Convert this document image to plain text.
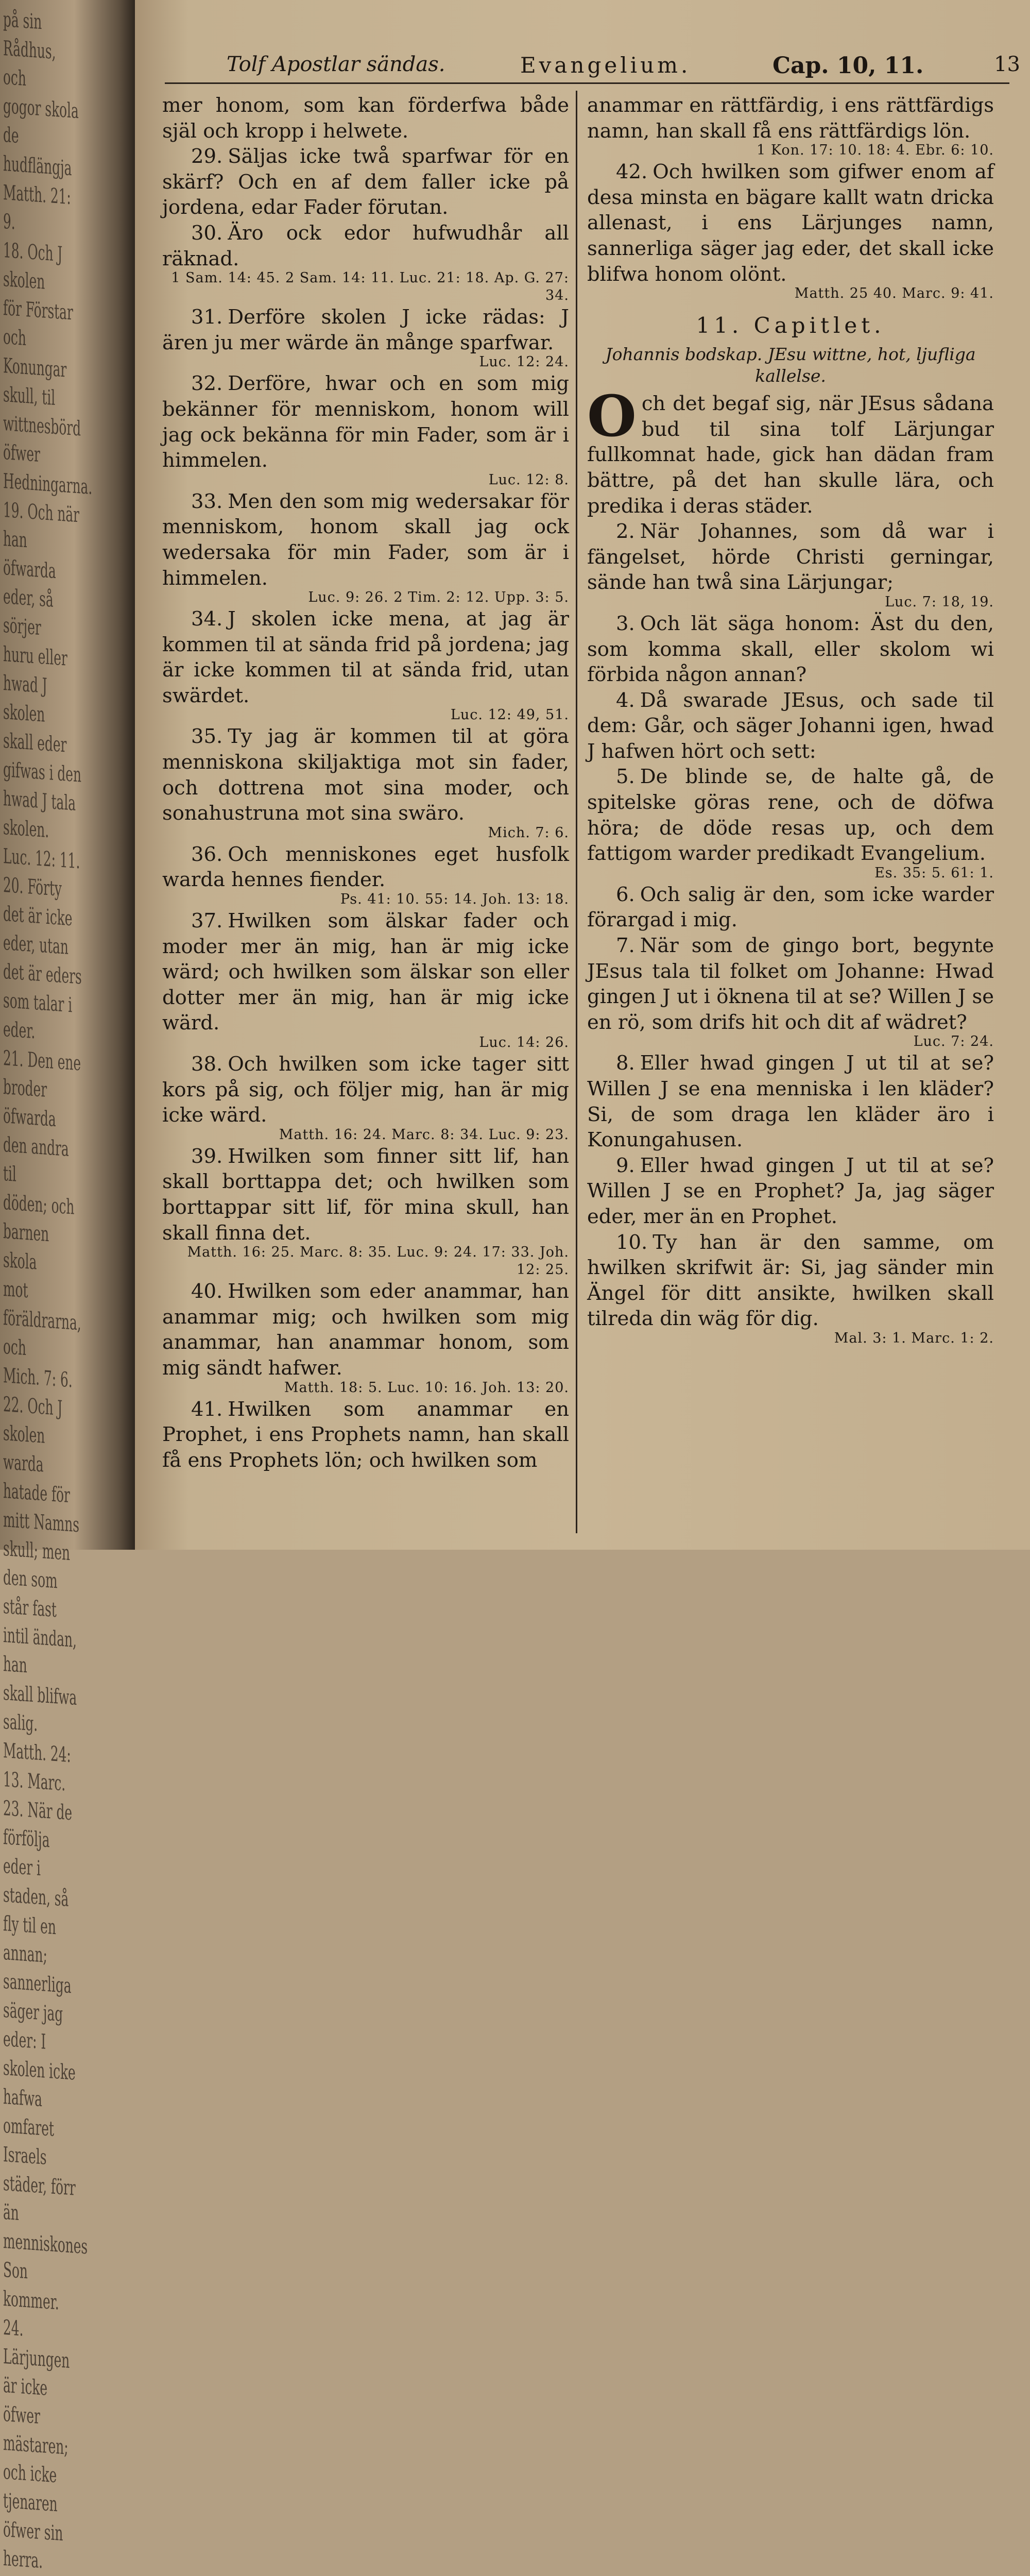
på sin Rådhus, och
gogor skola de hudflängja
Matth. 21: 9.
18. Och J skolen
för Förstar och Konungar
skull, til wittnesbörd
öfwer Hedningarna.
19. Och när han
öfwarda eder, så sörjer
huru eller hwad J skolen
skall eder gifwas i den
hwad J tala skolen.
Luc. 12: 11.
20. Förty det är icke
eder, utan det är eders
som talar i eder.
21. Den ene broder
öfwarda den andra til
döden; och barnen skola
mot föräldrarna, och
Mich. 7: 6.
22. Och J skolen
warda hatade för mitt Namns
skull; men den som står fast
intil ändan, han
skall blifwa salig.
Matth. 24: 13. Marc.
23. När de förfölja
eder i staden, så fly til en annan;
sannerliga säger jag eder: I
skolen icke hafwa omfaret
Israels städer, förr än menniskones
Son kommer.
24. Lärjungen är icke
öfwer mästaren; och icke tjenaren
öfwer sin herra.

Tolf Apostlar sändas.	Evangelium.	Cap. 10, 11.	13

mer honom, som kan förderfwa både själ och kropp i helwete.

29. Säljas icke twå sparfwar för en skärf? Och en af dem faller icke på jordena, edar Fader förutan.

30. Äro ock edor hufwudhår all räknad.

1 Sam. 14: 45. 2 Sam. 14: 11. Luc. 21: 18. Ap. G. 27: 34.

31. Derföre skolen J icke rädas: J ären ju mer wärde än månge sparfwar.

Luc. 12: 24.

32. Derföre, hwar och en som mig bekänner för menniskom, honom will jag ock bekänna för min Fader, som är i himmelen.

Luc. 12: 8.

33. Men den som mig wedersakar för menniskom, honom skall jag ock wedersaka för min Fader, som är i himmelen.

Luc. 9: 26. 2 Tim. 2: 12. Upp. 3: 5.

34. J skolen icke mena, at jag är kommen til at sända frid på jordena; jag är icke kommen til at sända frid, utan swärdet.

Luc. 12: 49, 51.

35. Ty jag är kommen til at göra menniskona skiljaktiga mot sin fader, och dottrena mot sina moder, och sonahustruna mot sina swäro.

Mich. 7: 6.

36. Och menniskones eget husfolk warda hennes fiender.

Ps. 41: 10. 55: 14. Joh. 13: 18.

37. Hwilken som älskar fader och moder mer än mig, han är mig icke wärd; och hwilken som älskar son eller dotter mer än mig, han är mig icke wärd.

Luc. 14: 26.

38. Och hwilken som icke tager sitt kors på sig, och följer mig, han är mig icke wärd.

Matth. 16: 24. Marc. 8: 34. Luc. 9: 23.

39. Hwilken som finner sitt lif, han skall borttappa det; och hwilken som borttappar sitt lif, för mina skull, han skall finna det.

Matth. 16: 25. Marc. 8: 35. Luc. 9: 24. 17: 33. Joh. 12: 25.

40. Hwilken som eder anammar, han anammar mig; och hwilken som mig anammar, han anammar honom, som mig sändt hafwer.

Matth. 18: 5. Luc. 10: 16. Joh. 13: 20.

41. Hwilken som anammar en Prophet, i ens Prophets namn, han skall få ens Prophets lön; och hwilken som

anammar en rättfärdig, i ens rättfärdigs namn, han skall få ens rättfärdigs lön.

1 Kon. 17: 10. 18: 4. Ebr. 6: 10.

42. Och hwilken som gifwer enom af desa minsta en bägare kallt watn dricka allenast, i ens Lärjunges namn, sannerliga säger jag eder, det skall icke blifwa honom olönt.

Matth. 25 40. Marc. 9: 41.
11. Capitlet.
Johannis bodskap. JEsu wittne, hot, ljufliga kallelse.

Och det begaf sig, när JEsus sådana bud til sina tolf Lärjungar fullkomnat hade, gick han dädan fram bättre, på det han skulle lära, och predika i deras städer.

2. När Johannes, som då war i fängelset, hörde Christi gerningar, sände han twå sina Lärjungar;

Luc. 7: 18, 19.

3. Och lät säga honom: Äst du den, som komma skall, eller skolom wi förbida någon annan?

4. Då swarade JEsus, och sade til dem: Går, och säger Johanni igen, hwad J hafwen hört och sett:

5. De blinde se, de halte gå, de spitelske göras rene, och de döfwa höra; de döde resas up, och dem fattigom warder predikadt Evangelium.

Es. 35: 5. 61: 1.

6. Och salig är den, som icke warder förargad i mig.

7. När som de gingo bort, begynte JEsus tala til folket om Johanne: Hwad gingen J ut i öknena til at se? Willen J se en rö, som drifs hit och dit af wädret?

Luc. 7: 24.

8. Eller hwad gingen J ut til at se? Willen J se ena menniska i len kläder? Si, de som draga len kläder äro i Konungahusen.

9. Eller hwad gingen J ut til at se? Willen J se en Prophet? Ja, jag säger eder, mer än en Prophet.

10. Ty han är den samme, om hwilken skrifwit är: Si, jag sänder min Ängel för ditt ansikte, hwilken skall tilreda din wäg för dig.

Mal. 3: 1. Marc. 1: 2.
